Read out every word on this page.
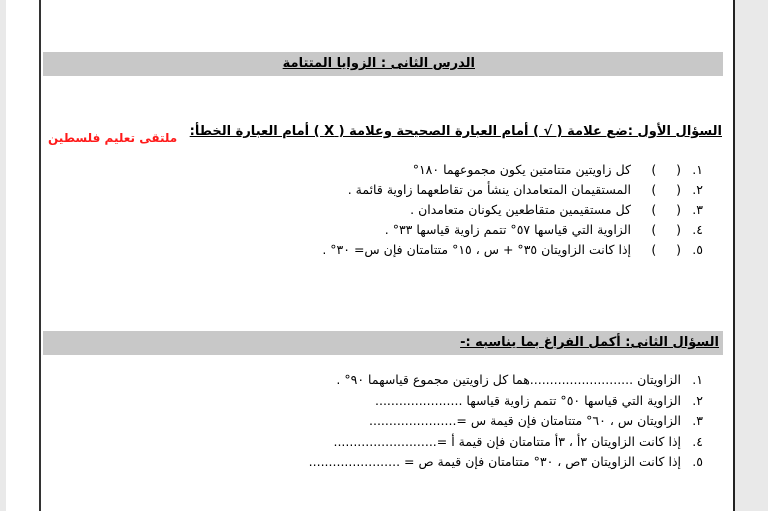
الدرس الثانى : الزوايا المتتامة
السؤال الأول :ضع علامة ( √ ) أمام العبارة الصحيحة وعلامة ( X ) أمام العبارة الخطأ:
ملتقى تعليم فلسطين
١.(     )كل زاويتين متتامتين يكون مجموعهما ١٨٠°
٢.(     )المستقيمان المتعامدان ينشأ من تقاطعهما زاوية قائمة .
٣.(     )كل مستقيمين متقاطعين يكونان متعامدان .
٤.(     )الزاوية التي قياسها ٥٧° تتمم زاوية قياسها ٣٣° .
٥.(     )إذا كانت الزاويتان ٣٥° + س ، ١٥° متتامتان فإن س= ٣٠° .
السؤال الثانى: أكمل الفراغ بما يناسبه :-
١.الزاويتان ..........................هما كل زاويتين مجموع قياسهما ٩٠° .
٢.الزاوية التي قياسها ٥٠° تتمم زاوية قياسها ......................
٣.الزاويتان س ، ٦٠° متتامتان فإن قيمة س =......................
٤.إذا كانت الزاويتان ٢أ ، ٣أ متتامتان فإن قيمة أ =..........................
٥.إذا كانت الزاويتان ٣ص ، ٣٠° متتامتان فإن قيمة ص = .......................
